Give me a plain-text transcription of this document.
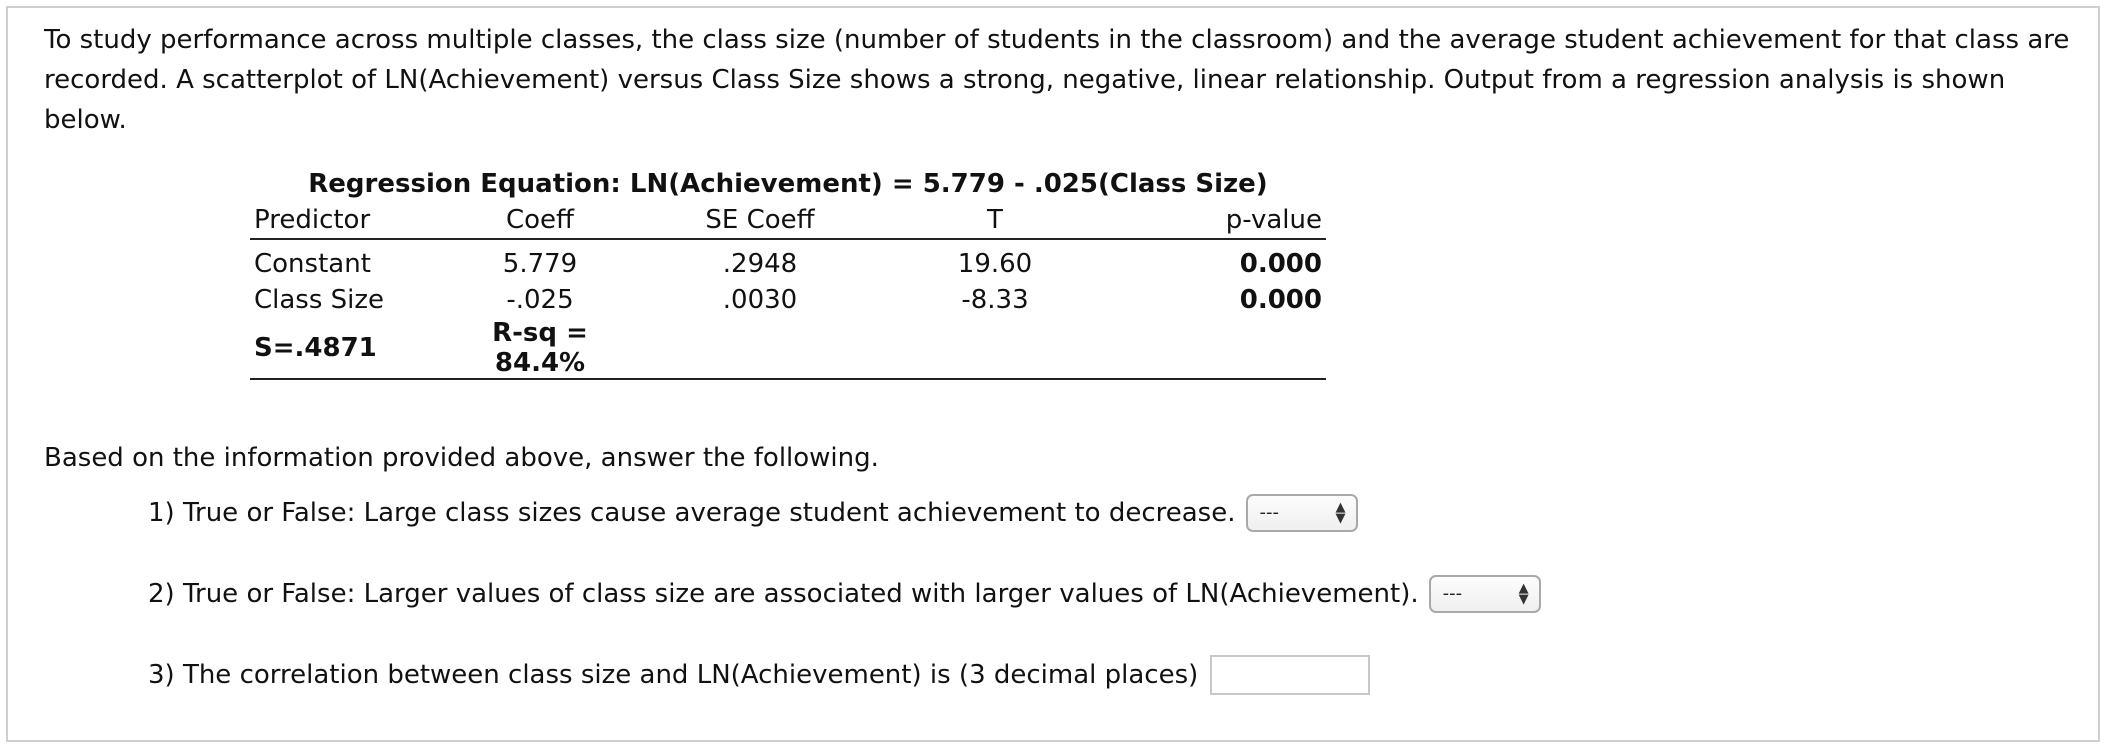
To study performance across multiple classes, the class size (number of students in the classroom) and the average student achievement for that class are recorded. A scatterplot of LN(Achievement) versus Class Size shows a strong, negative, linear relationship. Output from a regression analysis is shown below.

Regression Equation: LN(Achievement) = 5.779 - .025(Class Size)
Predictor	Coeff	SE Coeff	T	p-value
Constant	5.779	.2948	19.60	0.000
Class Size	-.025	.0030	-8.33	0.000
S=.4871	R-sq = 84.4%			

Based on the information provided above, answer the following.

1) True or False: Large class sizes cause average student achievement to decrease. ---	▲
▼
2) True or False: Larger values of class size are associated with larger values of LN(Achievement). ---	▲
▼
3) The correlation between class size and LN(Achievement) is (3 decimal places)
